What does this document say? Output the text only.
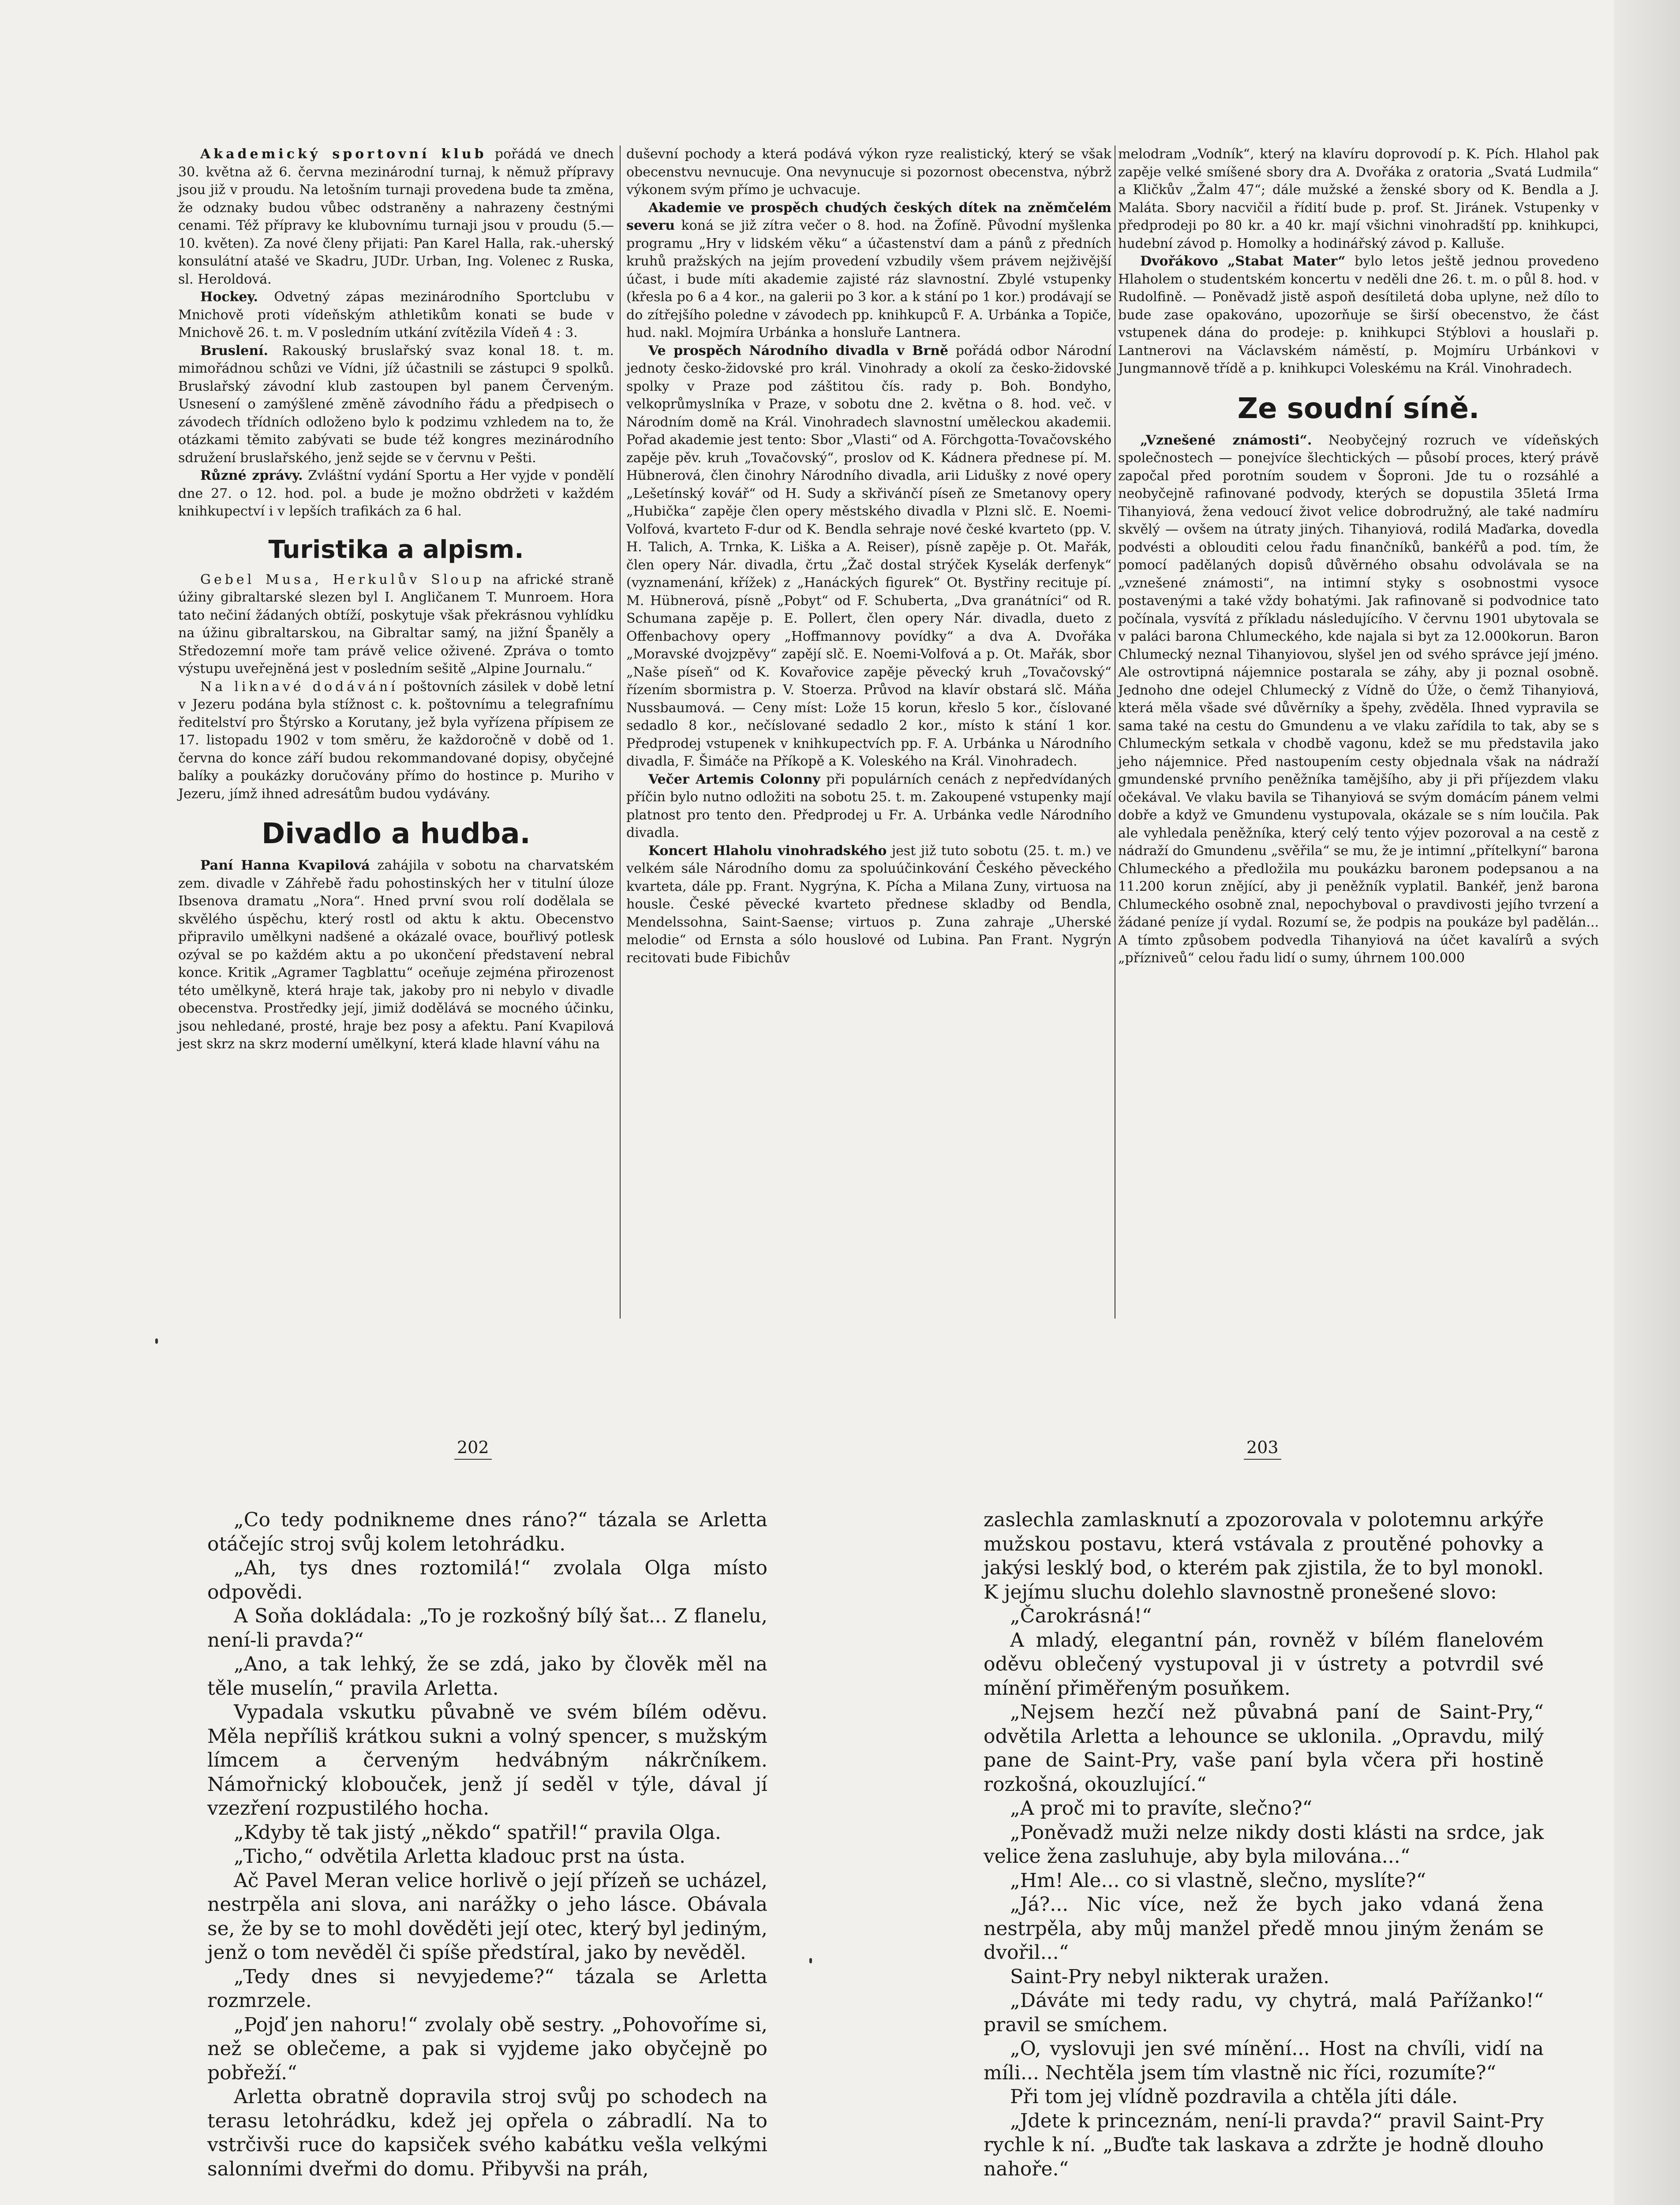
Akademický sportovní klub pořádá ve dnech 30. května až 6. června mezinárodní turnaj, k němuž přípravy jsou již v proudu. Na letošním turnaji provedena bude ta změna, že odznaky budou vůbec odstraněny a nahrazeny čestnými cenami. Též přípravy ke klubovnímu turnaji jsou v proudu (5.—10. květen). Za nové členy přijati: Pan Karel Halla, rak.-uherský konsulátní atašé ve Skadru, JUDr. Urban, Ing. Volenec z Ruska, sl. Heroldová.

Hockey. Odvetný zápas mezinárodního Sportclubu v Mnichově proti vídeňským athletikům konati se bude v Mnichově 26. t. m. V posledním utkání zvítězila Vídeň 4 : 3.

Bruslení. Rakouský bruslařský svaz konal 18. t. m. mimořádnou schůzi ve Vídni, jíž účastnili se zástupci 9 spolků. Bruslařský závodní klub zastoupen byl panem Červeným. Usnesení o zamýšlené změně závodního řádu a předpisech o závodech třídních odloženo bylo k podzimu vzhledem na to, že otázkami těmito zabývati se bude též kongres mezinárodního sdružení bruslařského, jenž sejde se v červnu v Pešti.

Různé zprávy. Zvláštní vydání Sportu a Her vyjde v pondělí dne 27. o 12. hod. pol. a bude je možno obdržeti v každém knihkupectví i v lepších trafikách za 6 hal.

Turistika a alpism.

Gebel Musa, Herkulův Sloup na africké straně úžiny gibraltarské slezen byl I. Angličanem T. Munroem. Hora tato nečiní žádaných obtíží, poskytuje však překrásnou vyhlídku na úžinu gibraltarskou, na Gibraltar samý, na jižní Španěly a Středozemní moře tam právě velice oživené. Zpráva o tomto výstupu uveřejněná jest v posledním sešitě „Alpine Journalu.“

Na liknavé dodávání poštovních zásilek v době letní v Jezeru podána byla stížnost c. k. poštovnímu a telegrafnímu ředitelství pro Štýrsko a Korutany, jež byla vyřízena přípisem ze 17. listopadu 1902 v tom směru, že každoročně v době od 1. června do konce září budou rekommandované dopisy, obyčejné balíky a poukázky doručovány přímo do hostince p. Muriho v Jezeru, jímž ihned adresátům budou vydávány.

Divadlo a hudba.

Paní Hanna Kvapilová zahájila v sobotu na charvatském zem. divadle v Záhřebě řadu pohostinských her v titulní úloze Ibsenova dramatu „Nora“. Hned první svou rolí dodělala se skvělého úspěchu, který rostl od aktu k aktu. Obecenstvo připravilo umělkyni nadšené a okázalé ovace, bouřlivý potlesk ozýval se po každém aktu a po ukončení představení nebral konce. Kritik „Agramer Tagblattu“ oceňuje zejména přirozenost této umělkyně, která hraje tak, jakoby pro ni nebylo v divadle obecenstva. Prostředky její, jimiž dodělává se mocného účinku, jsou nehledané, prosté, hraje bez posy a afektu. Paní Kvapilová jest skrz na skrz moderní umělkyní, která klade hlavní váhu na

duševní pochody a která podává výkon ryze realistický, který se však obecenstvu nevnucuje. Ona nevynucuje si pozornost obecenstva, nýbrž výkonem svým přímo je uchvacuje.

Akademie ve prospěch chudých českých dítek na zněmčelém severu koná se již zítra večer o 8. hod. na Žofíně. Původní myšlenka programu „Hry v lidském věku“ a účastenství dam a pánů z předních kruhů pražských na jejím provedení vzbudily všem právem nejživější účast, i bude míti akademie zajisté ráz slavnostní. Zbylé vstupenky (křesla po 6 a 4 kor., na galerii po 3 kor. a k stání po 1 kor.) prodávají se do zítřejšího poledne v závodech pp. knihkupců F. A. Urbánka a Topiče, hud. nakl. Mojmíra Urbánka a honsluře Lantnera.

Ve prospěch Národního divadla v Brně pořádá odbor Národní jednoty česko-židovské pro král. Vinohrady a okolí za česko-židovské spolky v Praze pod záštitou čís. rady p. Boh. Bondyho, velkoprůmyslníka v Praze, v sobotu dne 2. května o 8. hod. več. v Národním domě na Král. Vinohradech slavnostní uměleckou akademii. Pořad akademie jest tento: Sbor „Vlasti“ od A. Förchgotta-Tovačovského zapěje pěv. kruh „Tovačovský“, proslov od K. Kádnera přednese pí. M. Hübnerová, člen činohry Národního divadla, arii Lidušky z nové opery „Lešetínský kovář“ od H. Sudy a skřivánčí píseň ze Smetanovy opery „Hubička“ zapěje člen opery městského divadla v Plzni slč. E. Noemi-Volfová, kvarteto F-dur od K. Bendla sehraje nové české kvarteto (pp. V. H. Talich, A. Trnka, K. Liška a A. Reiser), písně zapěje p. Ot. Mařák, člen opery Nár. divadla, črtu „Žač dostal strýček Kyselák derfenyk“ (vyznamenání, křížek) z „Hanáckých figurek“ Ot. Bystřiny recituje pí. M. Hübnerová, písně „Pobyt“ od F. Schuberta, „Dva granátníci“ od R. Schumana zapěje p. E. Pollert, člen opery Nár. divadla, dueto z Offenbachovy opery „Hoffmannovy povídky“ a dva A. Dvořáka „Moravské dvojzpěvy“ zapějí slč. E. Noemi-Volfová a p. Ot. Mařák, sbor „Naše píseň“ od K. Kovařovice zapěje pěvecký kruh „Tovačovský“ řízením sbormistra p. V. Stoerza. Průvod na klavír obstará slč. Máňa Nussbaumová. — Ceny míst: Lože 15 korun, křeslo 5 kor., číslované sedadlo 8 kor., nečíslované sedadlo 2 kor., místo k stání 1 kor. Předprodej vstupenek v knihkupectvích pp. F. A. Urbánka u Národního divadla, F. Šimáče na Příkopě a K. Voleského na Král. Vinohradech.

Večer Artemis Colonny při populárních cenách z nepředvídaných příčin bylo nutno odložiti na sobotu 25. t. m. Zakoupené vstupenky mají platnost pro tento den. Předprodej u Fr. A. Urbánka vedle Národního divadla.

Koncert Hlaholu vinohradského jest již tuto sobotu (25. t. m.) ve velkém sále Národního domu za spoluúčinkování Českého pěveckého kvarteta, dále pp. Frant. Nygrýna, K. Pícha a Milana Zuny, virtuosa na housle. České pěvecké kvarteto přednese skladby od Bendla, Mendelssohna, Saint-Saense; virtuos p. Zuna zahraje „Uherské melodie“ od Ernsta a sólo houslové od Lubina. Pan Frant. Nygrýn recitovati bude Fibichův

melodram „Vodník“, který na klavíru doprovodí p. K. Pích. Hlahol pak zapěje velké smíšené sbory dra A. Dvořáka z oratoria „Svatá Ludmila“ a Kličkův „Žalm 47“; dále mužské a ženské sbory od K. Bendla a J. Malátа. Sbory nacvičil a řídití bude p. prof. St. Jiránek. Vstupenky v předprodeji po 80 kr. a 40 kr. mají všichni vinohradští pp. knihkupci, hudební závod p. Homolky a hodinářský závod p. Kalluše.

Dvořákovo „Stabat Mater“ bylo letos ještě jednou provedeno Hlaholem o studentském koncertu v neděli dne 26. t. m. o půl 8. hod. v Rudolfině. — Poněvadž jistě aspoň desítiletá doba uplyne, než dílo to bude zase opakováno, upozorňuje se širší obecenstvo, že část vstupenek dána do prodeje: p. knihkupci Stýblovi a houslaři p. Lantnerovi na Václavském náměstí, p. Mojmíru Urbánkovi v Jungmannově třídě a p. knihkupci Voleskému na Král. Vinohradech.

Ze soudní síně.

„Vznešené známosti“. Neobyčejný rozruch ve vídeňských společnostech — ponejvíce šlechtických — působí proces, který právě započal před porotním soudem v Šoproni. Jde tu o rozsáhlé a neobyčejně rafinované podvody, kterých se dopustila 35letá Irma Tihanyiová, žena vedoucí život velice dobrodružný, ale také nadmíru skvělý — ovšem na útraty jiných. Tihanyiová, rodilá Maďarka, dovedla podvésti a oblouditi celou řadu finančníků, bankéřů a pod. tím, že pomocí padělaných dopisů důvěrného obsahu odvolávala se na „vznešené známosti“, na intimní styky s osobnostmi vysoce postavenými a také vždy bohatými. Jak rafinovaně si podvodnice tato počínala, vysvítá z příkladu následujícího. V červnu 1901 ubytovala se v paláci barona Chlumeckého, kde najala si byt za 12.000korun. Baron Chlumecký neznal Tihanyiovou, slyšel jen od svého správce její jméno. Ale ostrovtipná nájemnice postarala se záhy, aby ji poznal osobně. Jednoho dne odejel Chlumecký z Vídně do Úže, o čemž Tihanyiová, která měla všade své důvěrníky a špehy, zvěděla. Ihned vypravila se sama také na cestu do Gmundenu a ve vlaku zařídila to tak, aby se s Chlumeckým setkala v chodbě vagonu, kdež se mu představila jako jeho nájemnice. Před nastoupením cesty objednala však na nádraží gmundenské prvního peněžníka tamějšího, aby ji při příjezdem vlaku očekával. Ve vlaku bavila se Tihanyiová se svým domácím pánem velmi dobře a když ve Gmundenu vystupovala, okázale se s ním loučila. Pak ale vyhledala peněžníka, který celý tento výjev pozoroval a na cestě z nádraží do Gmundenu „svěřila“ se mu, že je intimní „přítelkyní“ barona Chlumeckého a předložila mu poukázku baronem podepsanou a na 11.200 korun znějící, aby ji peněžník vyplatil. Bankéř, jenž barona Chlumeckého osobně znal, nepochyboval o pravdivosti jejího tvrzení a žádané peníze jí vydal. Rozumí se, že podpis na poukáze byl padělán... A tímto způsobem podvedla Tihanyiová na účet kavalírů a svých „přízniveů“ celou řadu lidí o sumy, úhrnem 100.000

202	203

„Co tedy podnikneme dnes ráno?“ tázala se Arletta otáčejíc stroj svůj kolem letohrádku.

„Ah, tys dnes roztomilá!“ zvolala Olga místo odpovědi.

A Soňa dokládala: „To je rozkošný bílý šat... Z flanelu, není-li pravda?“

„Ano, a tak lehký, že se zdá, jako by člověk měl na těle muselín,“ pravila Arletta.

Vypadala vskutku půvabně ve svém bílém oděvu. Měla nepříliš krátkou sukni a volný spencer, s mužským límcem a červeným hedvábným nákrčníkem. Námořnický klobouček, jenž jí seděl v týle, dával jí vzezření rozpustilého hocha.

„Kdyby tě tak jistý „někdo“ spatřil!“ pravila Olga.

„Ticho,“ odvětila Arletta kladouc prst na ústa.

Ač Pavel Meran velice horlivě o její přízeň se ucházel, nestrpěla ani slova, ani narážky o jeho lásce. Obávala se, že by se to mohl dověděti její otec, který byl jediným, jenž o tom nevěděl či spíše předstíral, jako by nevěděl.

„Tedy dnes si nevyjedeme?“ tázala se Arletta rozmrzele.

„Pojď jen nahoru!“ zvolaly obě sestry. „Pohovoříme si, než se oblečeme, a pak si vyjdeme jako obyčejně po pobřeží.“

Arletta obratně dopravila stroj svůj po schodech na terasu letohrádku, kdež jej opřela o zábradlí. Na to vstrčivši ruce do kapsiček svého kabátku vešla velkými salonními dveřmi do domu. Přibyvši na práh,

zaslechla zamlasknutí a zpozorovala v polotemnu arkýře mužskou postavu, která vstávala z proutěné pohovky a jakýsi lesklý bod, o kterém pak zjistila, že to byl monokl. K jejímu sluchu dolehlo slavnostně pronešené slovo:

„Čarokrásná!“

A mladý, elegantní pán, rovněž v bílém flanelovém oděvu oblečený vystupoval ji v ústrety a potvrdil své mínění přiměřeným posuňkem.

„Nejsem hezčí než půvabná paní de Saint-Pry,“ odvětila Arletta a lehounce se uklonila. „Opravdu, milý pane de Saint-Pry, vaše paní byla včera při hostině rozkošná, okouzlující.“

„A proč mi to pravíte, slečno?“

„Poněvadž muži nelze nikdy dosti klásti na srdce, jak velice žena zasluhuje, aby byla milována...“

„Hm! Ale... co si vlastně, slečno, myslíte?“

„Já?... Nic více, než že bych jako vdaná žena nestrpěla, aby můj manžel předě mnou jiným ženám se dvořil...“

Saint-Pry nebyl nikterak uražen.

„Dáváte mi tedy radu, vy chytrá, malá Pařížanko!“ pravil se smíchem.

„O, vyslovuji jen své mínění... Host na chvíli, vidí na míli... Nechtěla jsem tím vlastně nic říci, rozumíte?“

Při tom jej vlídně pozdravila a chtěla jíti dále.

„Jdete k princeznám, není-li pravda?“ pravil Saint-Pry rychle k ní. „Buďte tak laskava a zdržte je hodně dlouho nahoře.“
